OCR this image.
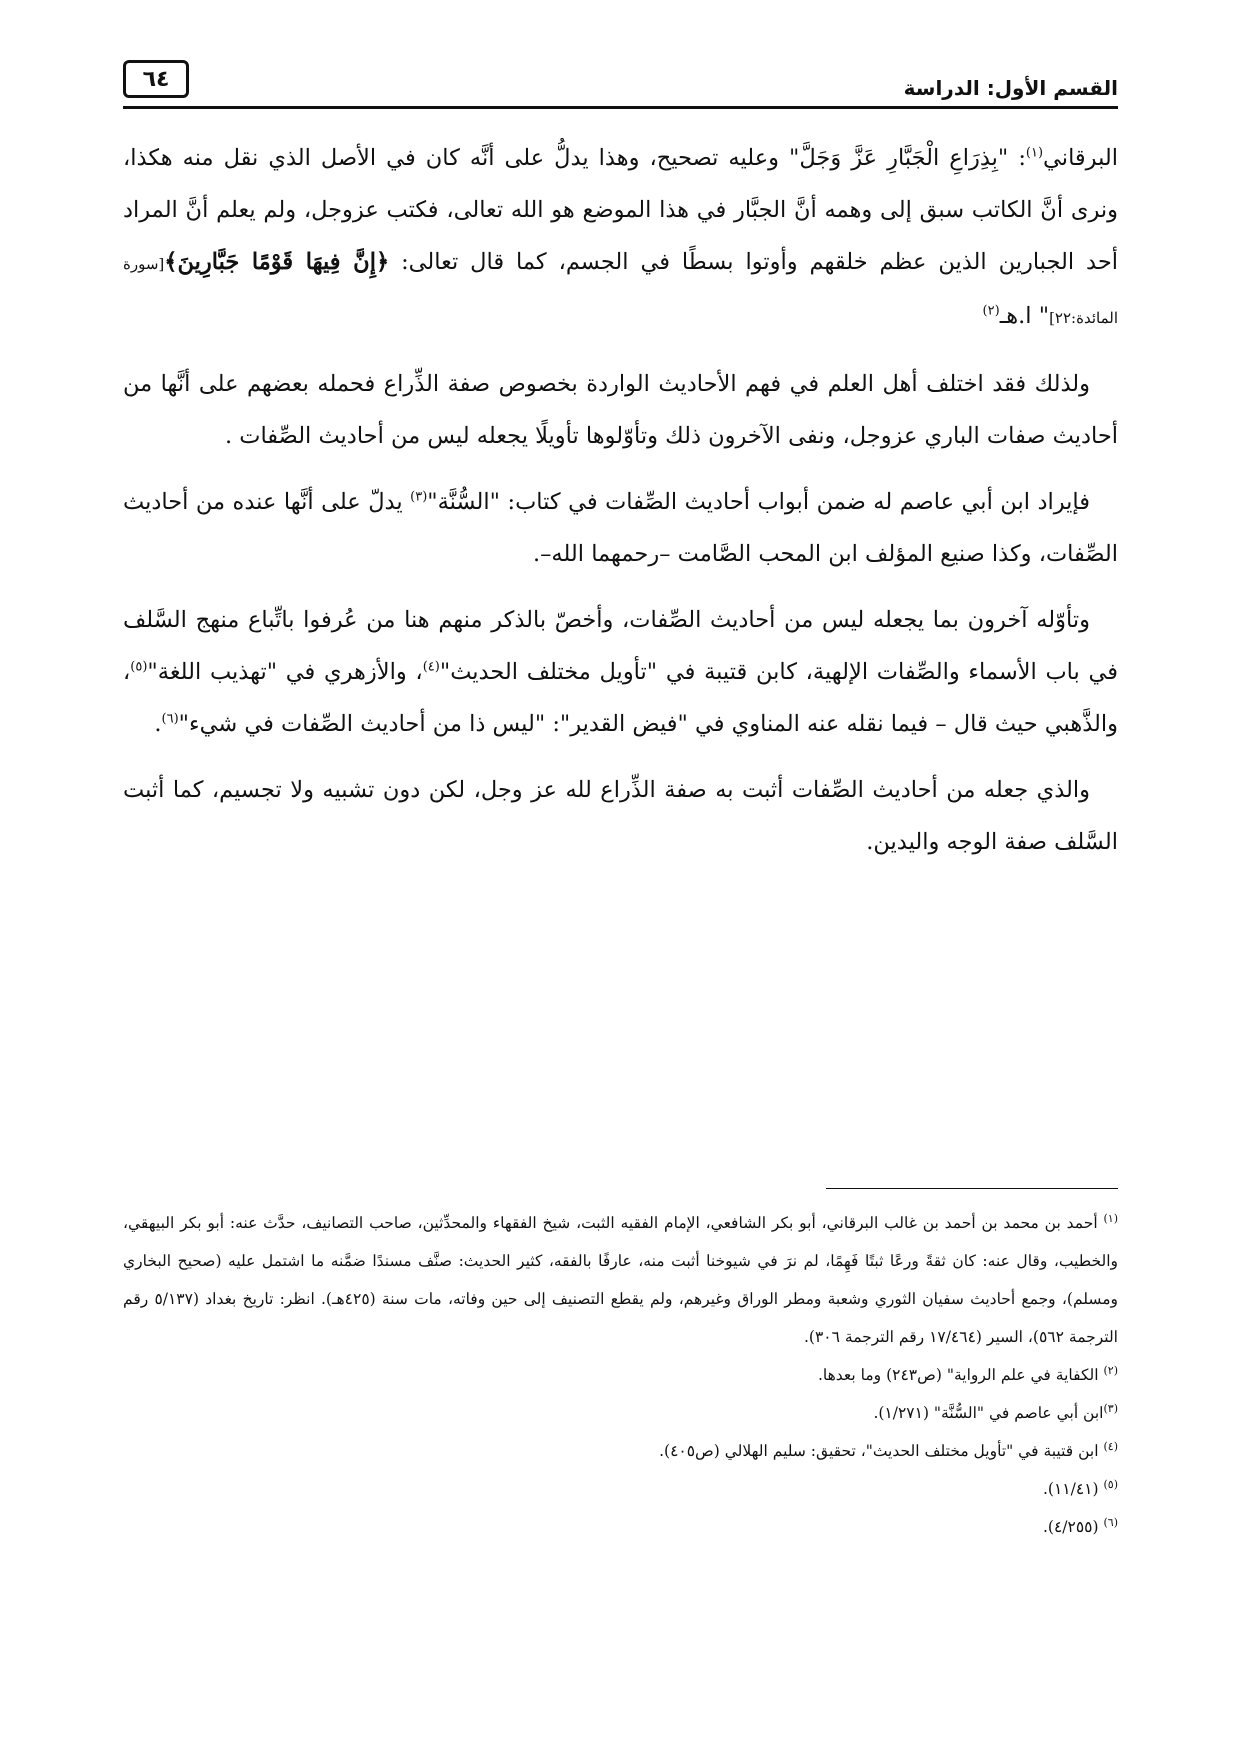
القسم الأول: الدراسة
٦٤

البرقاني$^{(١)}$: "بِذِرَاعِ الْجَبَّارِ عَزَّ وَجَلَّ" وعليه تصحيح، وهذا يدلُّ على أنَّه كان في الأصل الذي نقل منه هكذا، ونرى أنَّ الكاتب سبق إلى وهمه أنَّ الجبَّار في هذا الموضع هو الله تعالى، فكتب عزوجل، ولم يعلم أنَّ المراد أحد الجبارين الذين عظم خلقهم وأوتوا بسطًا في الجسم، كما قال تعالى: ﴿إِنَّ فِيهَا قَوْمًا جَبَّارِينَ﴾[سورة المائدة:٢٢]" ا.هـ$^{(٢)}$

ولذلك فقد اختلف أهل العلم في فهم الأحاديث الواردة بخصوص صفة الذِّراع فحمله بعضهم على أنَّها من أحاديث صفات الباري عزوجل، ونفى الآخرون ذلك وتأوّلوها تأويلًا يجعله ليس من أحاديث الصِّفات .

فإيراد ابن أبي عاصم له ضمن أبواب أحاديث الصِّفات في كتاب: "السُّنَّة"$^{(٣)}$ يدلّ على أنَّها عنده من أحاديث الصِّفات، وكذا صنيع المؤلف ابن المحب الصَّامت –رحمهما الله–.

وتأوّله آخرون بما يجعله ليس من أحاديث الصِّفات، وأخصّ بالذكر منهم هنا من عُرفوا باتِّباع منهج السَّلف في باب الأسماء والصِّفات الإلهية، كابن قتيبة في "تأويل مختلف الحديث"$^{(٤)}$، والأزهري في "تهذيب اللغة"$^{(٥)}$، والذَّهبي حيث قال – فيما نقله عنه المناوي في "فيض القدير": "ليس ذا من أحاديث الصِّفات في شيء"$^{(٦)}$.

والذي جعله من أحاديث الصِّفات أثبت به صفة الذِّراع لله عز وجل، لكن دون تشبيه ولا تجسيم، كما أثبت السَّلف صفة الوجه واليدين.

$^{(١)}$ أحمد بن محمد بن أحمد بن غالب البرقاني، أبو بكر الشافعي، الإمام الفقيه الثبت، شيخ الفقهاء والمحدِّثين، صاحب التصانيف، حدَّث عنه: أبو بكر البيهقي، والخطيب، وقال عنه: كان ثقةً ورعًا ثبتًا فَهِمًا، لم نرَ في شيوخنا أثبت منه، عارفًا بالفقه، كثير الحديث: صنَّف مسندًا ضمَّنه ما اشتمل عليه (صحيح البخاري ومسلم)، وجمع أحاديث سفيان الثوري وشعبة ومطر الوراق وغيرهم، ولم يقطع التصنيف إلى حين وفاته، مات سنة (٤٢٥هـ). انظر: تاريخ بغداد (٥/١٣٧ رقم الترجمة ٥٦٢)، السير (١٧/٤٦٤ رقم الترجمة ٣٠٦).

$^{(٢)}$ الكفاية في علم الرواية" (ص٢٤٣) وما بعدها.

$^{(٣)}$ابن أبي عاصم في "السُّنَّة" (١/٢٧١).

$^{(٤)}$ ابن قتيبة في "تأويل مختلف الحديث"، تحقيق: سليم الهلالي (ص٤٠٥).

$^{(٥)}$ (١١/٤١).

$^{(٦)}$ (٤/٢٥٥).
